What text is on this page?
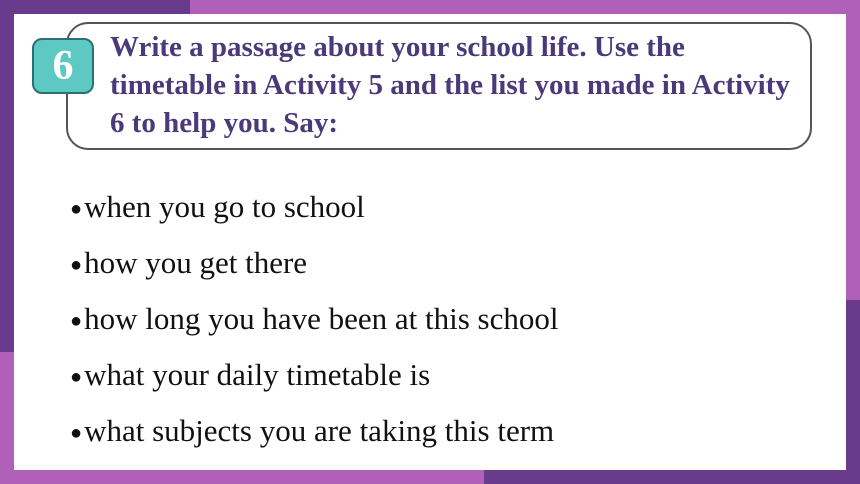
6 Write a passage about your school life. Use the timetable in Activity 5 and the list you made in Activity 6 to help you. Say:
●when you go to school
●how you get there
●how long you have been at this school
●what your daily timetable is
●what subjects you are taking this term
